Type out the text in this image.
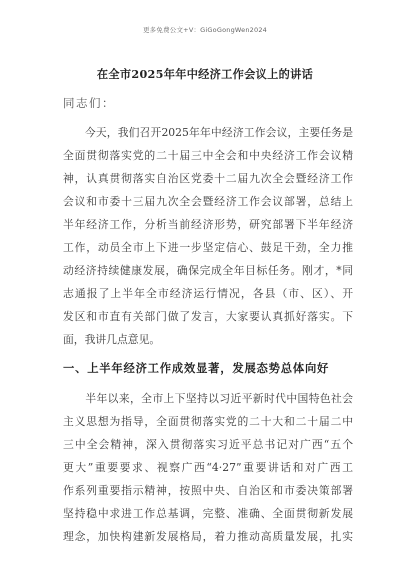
更多免费公文+V：GiGoGongWen2024
在全市2025年年中经济工作会议上的讲话
同志们：
　　今天，我们召开2025年年中经济工作会议，主要任务是
全面贯彻落实党的二十届三中全会和中央经济工作会议精
神，认真贯彻落实自治区党委十二届九次全会暨经济工作
会议和市委十三届九次全会暨经济工作会议部署，总结上
半年经济工作，分析当前经济形势，研究部署下半年经济
工作，动员全市上下进一步坚定信心、鼓足干劲，全力推
动经济持续健康发展，确保完成全年目标任务。刚才，*同
志通报了上半年全市经济运行情况，各县（市、区）、开
发区和市直有关部门做了发言，大家要认真抓好落实。下
面，我讲几点意见。
一、上半年经济工作成效显著，发展态势总体向好
　　半年以来，全市上下坚持以习近平新时代中国特色社会
主义思想为指导，全面贯彻落实党的二十大和二十届二中
三中全会精神，深入贯彻落实习近平总书记对广西“五个
更大”重要要求、视察广西“4·27”重要讲话和对广西工
作系列重要指示精神，按照中央、自治区和市委决策部署
坚持稳中求进工作总基调，完整、准确、全面贯彻新发展
理念，加快构建新发展格局，着力推动高质量发展，扎实
